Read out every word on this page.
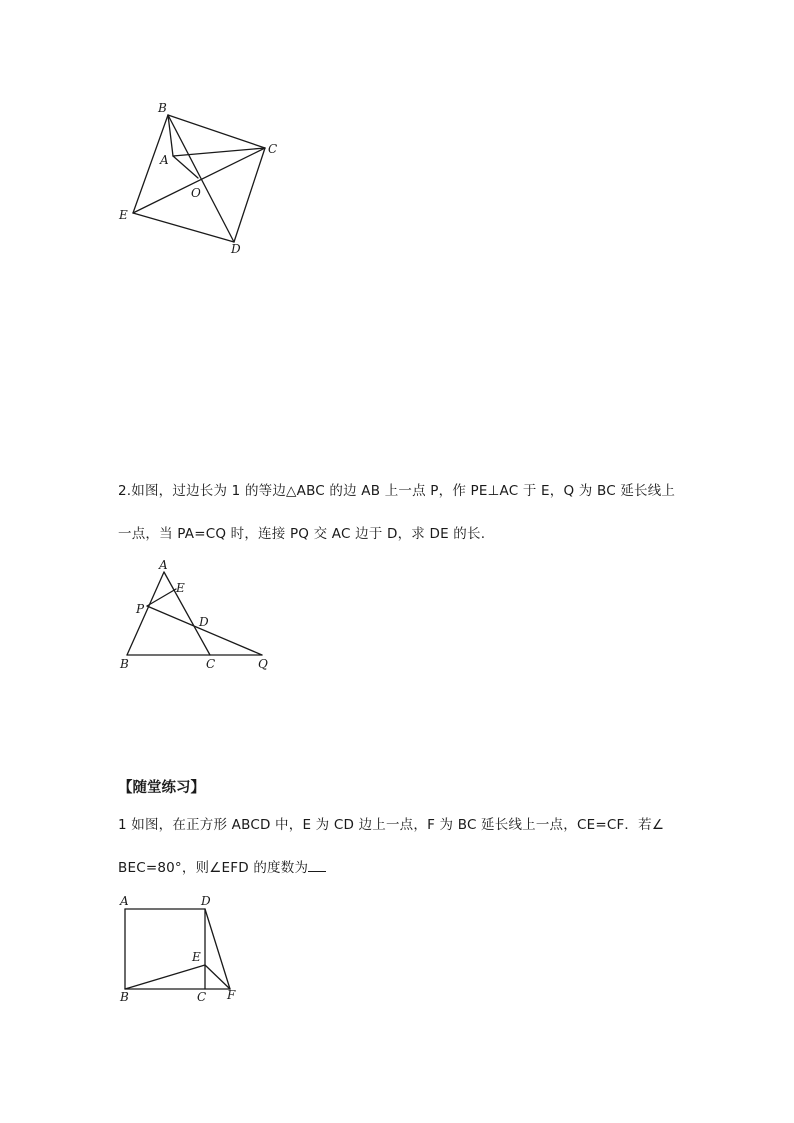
B
A
C
O
E
D
2.如图，过边长为 1 的等边△ABC 的边 AB 上一点 P，作 PE⊥AC 于 E，Q 为 BC 延长线上
一点，当 PA=CQ 时，连接 PQ 交 AC 边于 D，求 DE 的长.
A
E
P
D
B	C	Q
【随堂练习】
1 如图，在正方形 ABCD 中，E 为 CD 边上一点，F 为 BC 延长线上一点，CE=CF．若∠
BEC=80°，则∠EFD 的度数为
A	D
E
B	C F
